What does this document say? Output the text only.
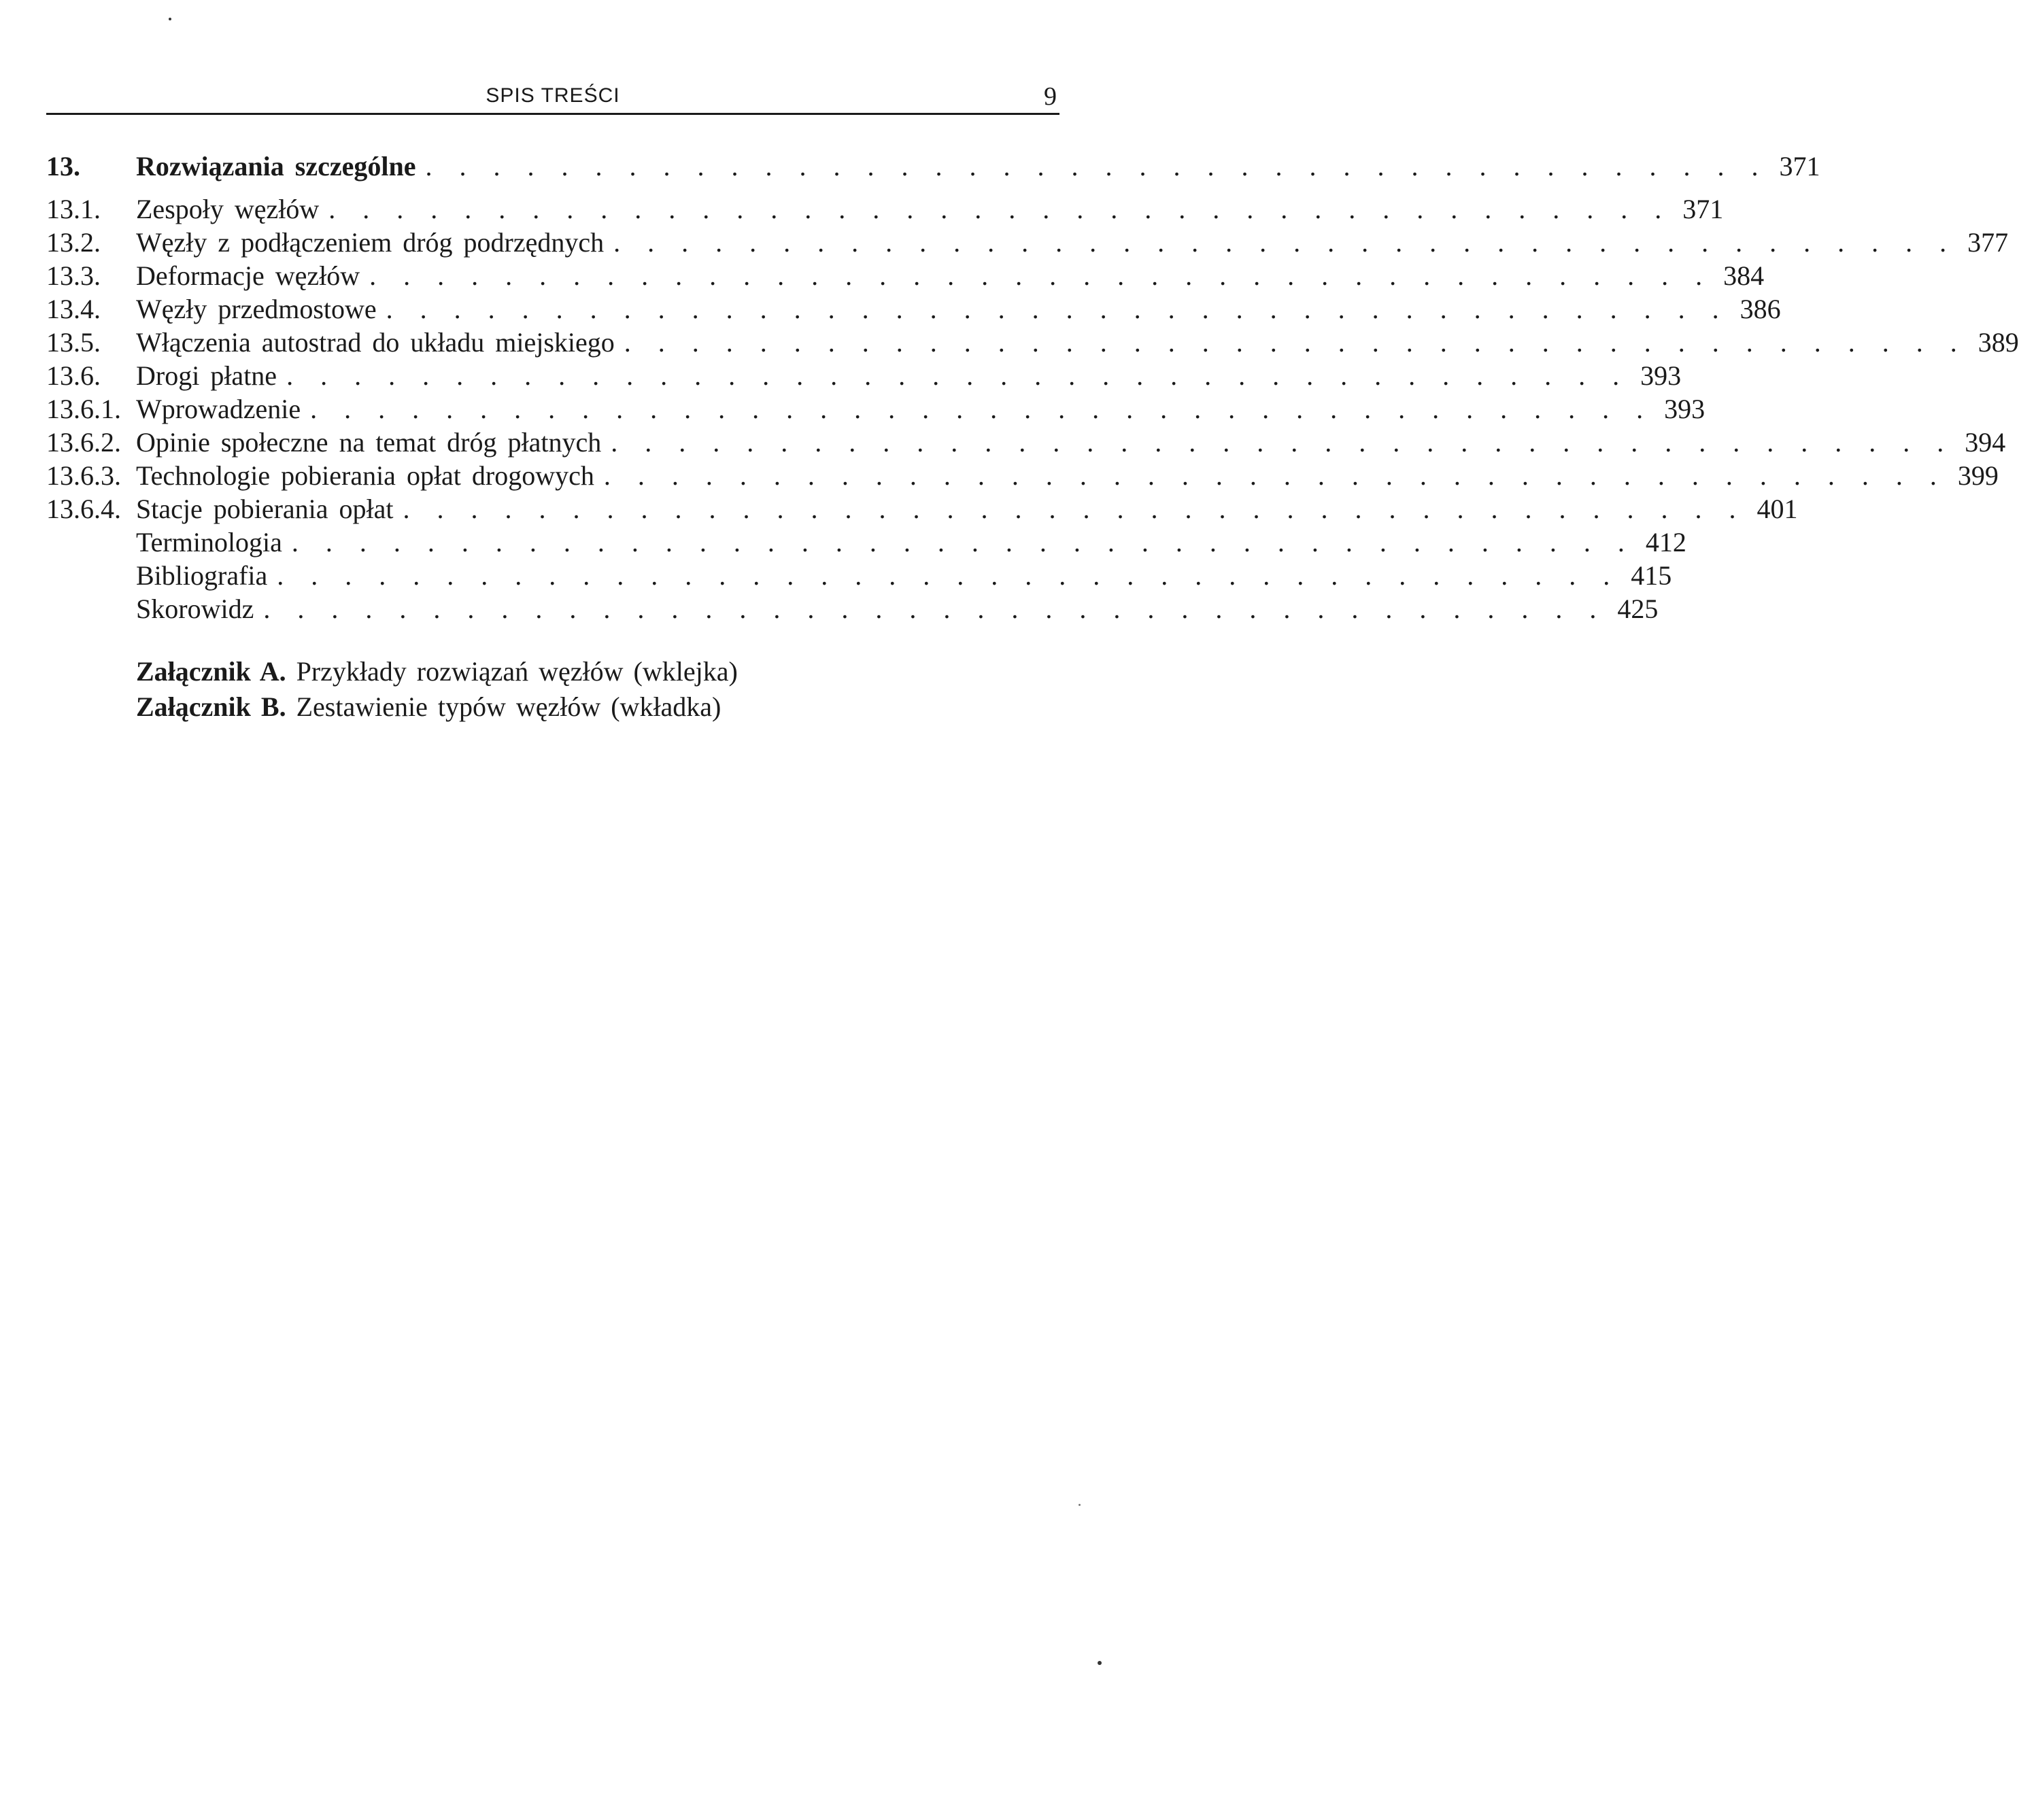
SPIS TREŚCI	9
13.	Rozwiązania szczególne . . . . . . . . . . . . . . . . . . . . . . . . . . . . . . . . . . . . . . . . 371
13.1.	Zespoły węzłów . . . . . . . . . . . . . . . . . . . . . . . . . . . . . . . . . . . . . . . . 371
13.2.	Węzły z podłączeniem dróg podrzędnych . . . . . . . . . . . . . . . . . . . . . . . . . . . . . . . . . . . . . . . . 377
13.3.	Deformacje węzłów . . . . . . . . . . . . . . . . . . . . . . . . . . . . . . . . . . . . . . . . 384
13.4.	Węzły przedmostowe . . . . . . . . . . . . . . . . . . . . . . . . . . . . . . . . . . . . . . . . 386
13.5.	Włączenia autostrad do układu miejskiego . . . . . . . . . . . . . . . . . . . . . . . . . . . . . . . . . . . . . . . . 389
13.6.	Drogi płatne . . . . . . . . . . . . . . . . . . . . . . . . . . . . . . . . . . . . . . . . 393
13.6.1. Wprowadzenie . . . . . . . . . . . . . . . . . . . . . . . . . . . . . . . . . . . . . . . . 393
13.6.2. Opinie społeczne na temat dróg płatnych . . . . . . . . . . . . . . . . . . . . . . . . . . . . . . . . . . . . . . . . 394
13.6.3. Technologie pobierania opłat drogowych . . . . . . . . . . . . . . . . . . . . . . . . . . . . . . . . . . . . . . . . 399
13.6.4. Stacje pobierania opłat . . . . . . . . . . . . . . . . . . . . . . . . . . . . . . . . . . . . . . . . 401
Terminologia . . . . . . . . . . . . . . . . . . . . . . . . . . . . . . . . . . . . . . . . 412
Bibliografia . . . . . . . . . . . . . . . . . . . . . . . . . . . . . . . . . . . . . . . . 415
Skorowidz . . . . . . . . . . . . . . . . . . . . . . . . . . . . . . . . . . . . . . . . 425
Załącznik A. Przykłady rozwiązań węzłów (wklejka)
Załącznik B. Zestawienie typów węzłów (wkładka)
